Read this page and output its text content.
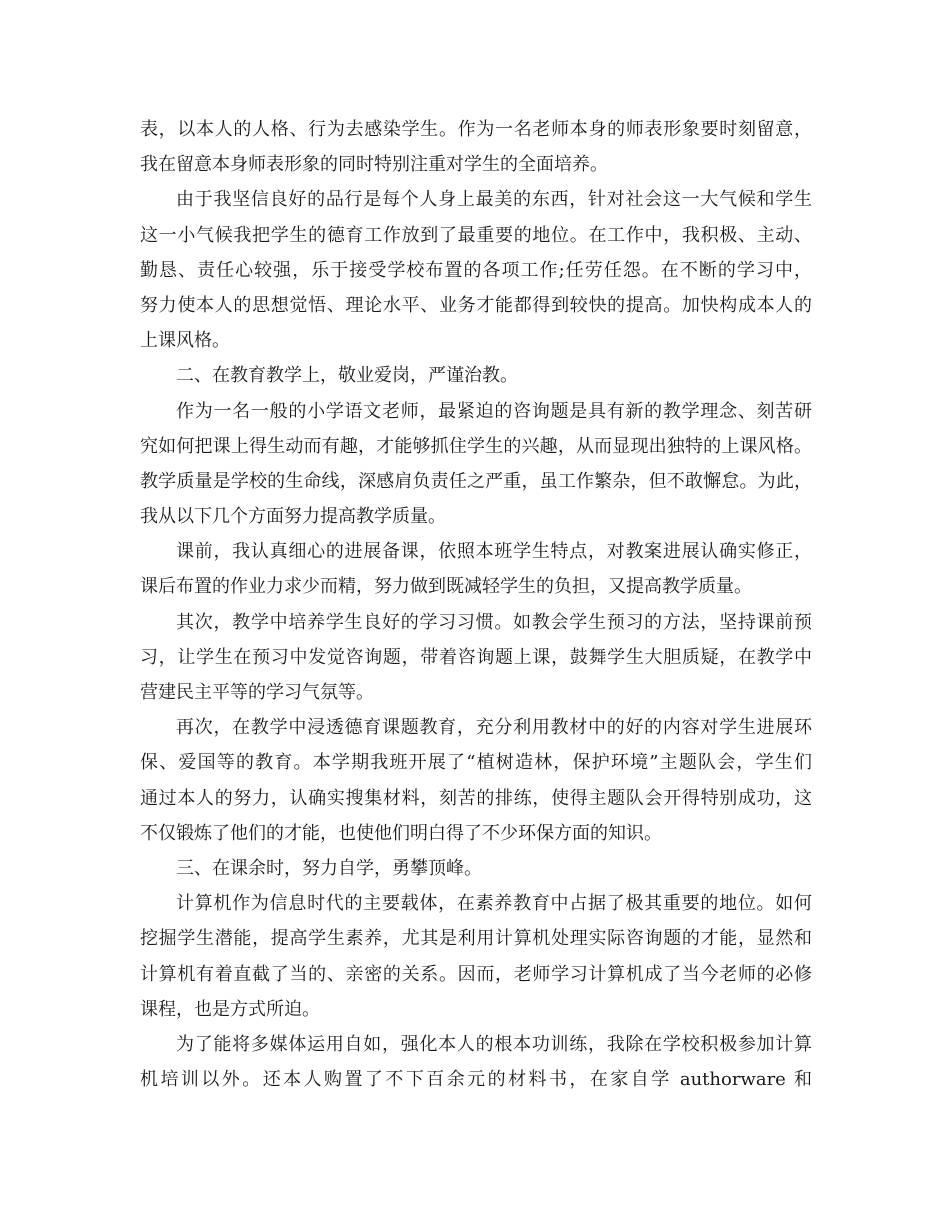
表，以本人的人格、行为去感染学生。作为一名老师本身的师表形象要时刻留意，
我在留意本身师表形象的同时特别注重对学生的全面培养。
由于我坚信良好的品行是每个人身上最美的东西，针对社会这一大气候和学生
这一小气候我把学生的德育工作放到了最重要的地位。在工作中，我积极、主动、
勤恳、责任心较强，乐于接受学校布置的各项工作;任劳任怨。在不断的学习中，
努力使本人的思想觉悟、理论水平、业务才能都得到较快的提高。加快构成本人的
上课风格。
二、在教育教学上，敬业爱岗，严谨治教。
作为一名一般的小学语文老师，最紧迫的咨询题是具有新的教学理念、刻苦研
究如何把课上得生动而有趣，才能够抓住学生的兴趣，从而显现出独特的上课风格。
教学质量是学校的生命线，深感肩负责任之严重，虽工作繁杂，但不敢懈怠。为此，
我从以下几个方面努力提高教学质量。
课前，我认真细心的进展备课，依照本班学生特点，对教案进展认确实修正，
课后布置的作业力求少而精，努力做到既减轻学生的负担，又提高教学质量。
其次，教学中培养学生良好的学习习惯。如教会学生预习的方法，坚持课前预
习，让学生在预习中发觉咨询题，带着咨询题上课，鼓舞学生大胆质疑，在教学中
营建民主平等的学习气氛等。
再次，在教学中浸透德育课题教育，充分利用教材中的好的内容对学生进展环
保、爱国等的教育。本学期我班开展了“植树造林，保护环境”主题队会，学生们
通过本人的努力，认确实搜集材料，刻苦的排练，使得主题队会开得特别成功，这
不仅锻炼了他们的才能，也使他们明白得了不少环保方面的知识。
三、在课余时，努力自学，勇攀顶峰。
计算机作为信息时代的主要载体，在素养教育中占据了极其重要的地位。如何
挖掘学生潜能，提高学生素养，尤其是利用计算机处理实际咨询题的才能，显然和
计算机有着直截了当的、亲密的关系。因而，老师学习计算机成了当今老师的必修
课程，也是方式所迫。
为了能将多媒体运用自如，强化本人的根本功训练，我除在学校积极参加计算
机培训以外。还本人购置了不下百余元的材料书，在家自学 authorware 和
